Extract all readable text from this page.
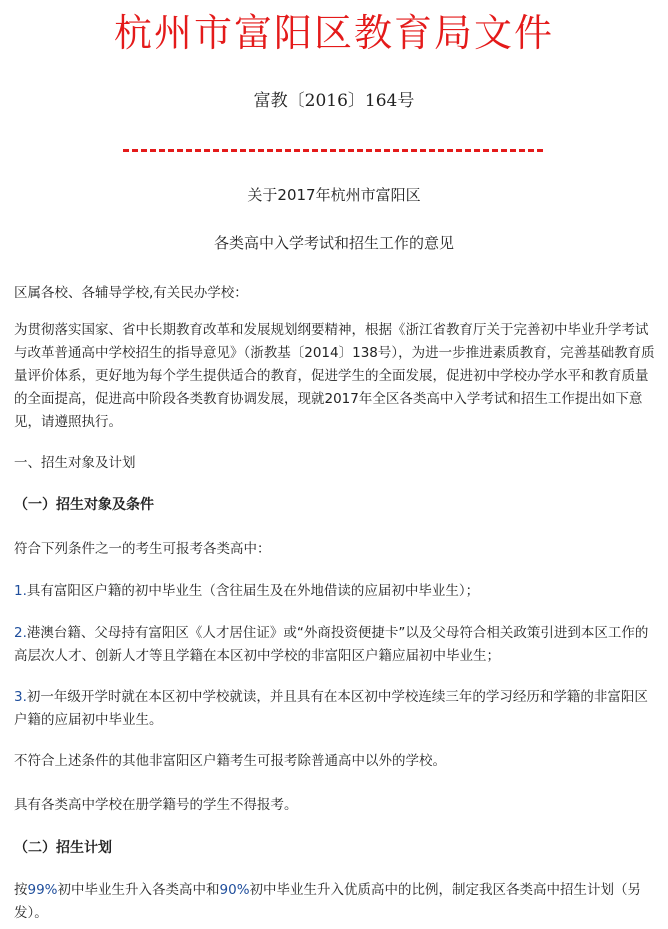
杭州市富阳区教育局文件
富教〔2016〕164号
关于2017年杭州市富阳区
各类高中入学考试和招生工作的意见
区属各校、各辅导学校,有关民办学校：
为贯彻落实国家、省中长期教育改革和发展规划纲要精神，根据《浙江省教育厅关于完善初中毕业升学考试与改革普通高中学校招生的指导意见》（浙教基〔2014〕138号），为进一步推进素质教育，完善基础教育质量评价体系，更好地为每个学生提供适合的教育，促进学生的全面发展，促进初中学校办学水平和教育质量的全面提高，促进高中阶段各类教育协调发展，现就2017年全区各类高中入学考试和招生工作提出如下意见，请遵照执行。
一、招生对象及计划
（一）招生对象及条件
符合下列条件之一的考生可报考各类高中：
1.具有富阳区户籍的初中毕业生（含往届生及在外地借读的应届初中毕业生）；
2.港澳台籍、父母持有富阳区《人才居住证》或“外商投资便捷卡”以及父母符合相关政策引进到本区工作的高层次人才、创新人才等且学籍在本区初中学校的非富阳区户籍应届初中毕业生；
3.初一年级开学时就在本区初中学校就读，并且具有在本区初中学校连续三年的学习经历和学籍的非富阳区户籍的应届初中毕业生。
不符合上述条件的其他非富阳区户籍考生可报考除普通高中以外的学校。
具有各类高中学校在册学籍号的学生不得报考。
（二）招生计划
按99%初中毕业生升入各类高中和90%初中毕业生升入优质高中的比例，制定我区各类高中招生计划（另发）。
